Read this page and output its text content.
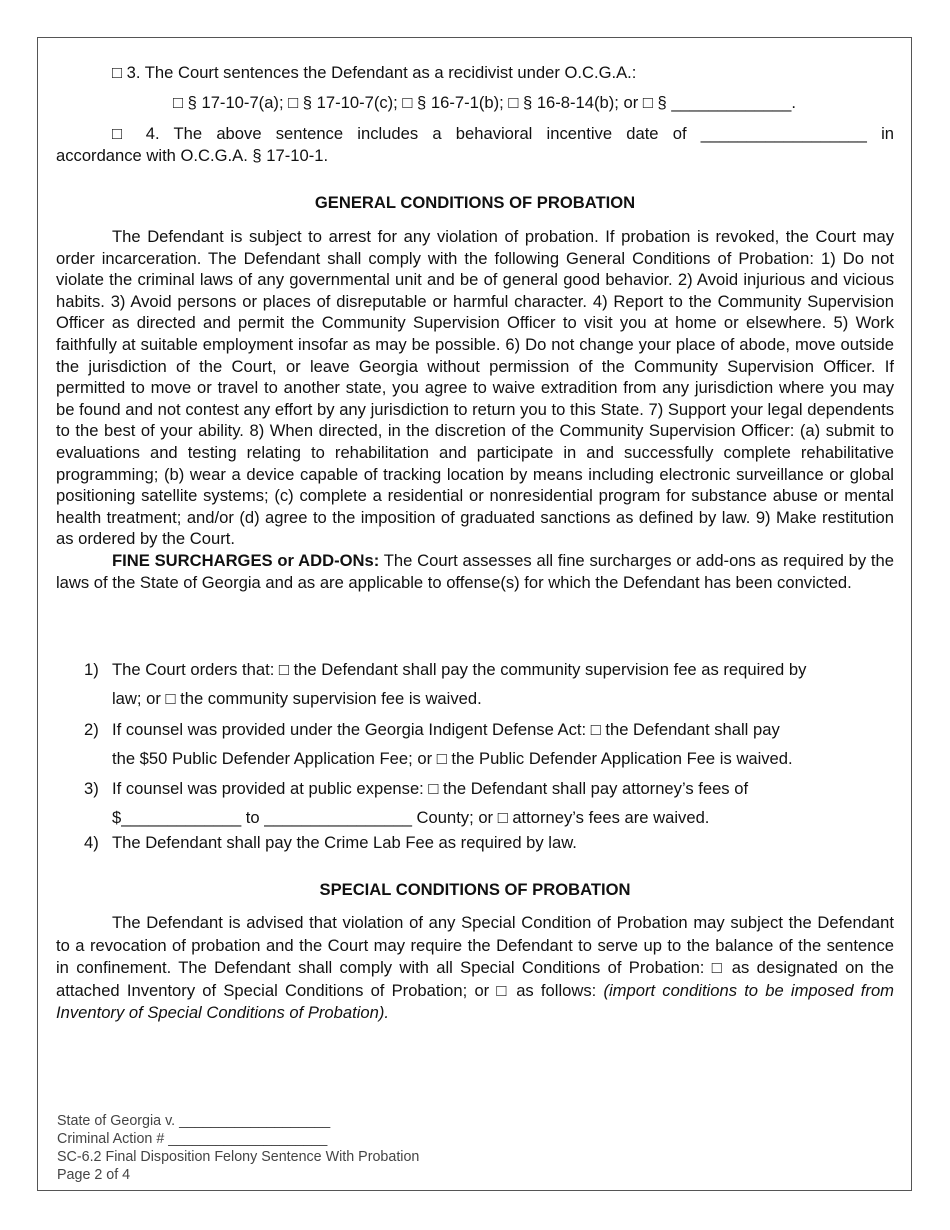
□ 3. The Court sentences the Defendant as a recidivist under O.C.G.A.:
□ § 17-10-7(a); □ § 17-10-7(c); □ § 16-7-1(b); □ § 16-8-14(b); or □ § _____________.
□ 4. The above sentence includes a behavioral incentive date of __________________ in
accordance with O.C.G.A. § 17-10-1.
GENERAL CONDITIONS OF PROBATION

The Defendant is subject to arrest for any violation of probation. If probation is revoked, the Court may order incarceration. The Defendant shall comply with the following General Conditions of Probation: 1) Do not violate the criminal laws of any governmental unit and be of general good behavior. 2) Avoid injurious and vicious habits. 3) Avoid persons or places of disreputable or harmful character. 4) Report to the Community Supervision Officer as directed and permit the Community Supervision Officer to visit you at home or elsewhere. 5) Work faithfully at suitable employment insofar as may be possible. 6) Do not change your place of abode, move outside the jurisdiction of the Court, or leave Georgia without permission of the Community Supervision Officer. If permitted to move or travel to another state, you agree to waive extradition from any jurisdiction where you may be found and not contest any effort by any jurisdiction to return you to this State. 7) Support your legal dependents to the best of your ability. 8) When directed, in the discretion of the Community Supervision Officer: (a) submit to evaluations and testing relating to rehabilitation and participate in and successfully complete rehabilitative programming; (b) wear a device capable of tracking location by means including electronic surveillance or global positioning satellite systems; (c) complete a residential or nonresidential program for substance abuse or mental health treatment; and/or (d) agree to the imposition of graduated sanctions as defined by law. 9) Make restitution as ordered by the Court.

FINE SURCHARGES or ADD-ONs: The Court assesses all fine surcharges or add-ons as required by the laws of the State of Georgia and as are applicable to offense(s) for which the Defendant has been convicted.

1) The Court orders that: □ the Defendant shall pay the community supervision fee as required by
law; or □ the community supervision fee is waived.
2) If counsel was provided under the Georgia Indigent Defense Act: □ the Defendant shall pay
the $50 Public Defender Application Fee; or □ the Public Defender Application Fee is waived.
3) If counsel was provided at public expense: □ the Defendant shall pay attorney’s fees of
$_____________ to ________________ County; or □ attorney’s fees are waived.
4) The Defendant shall pay the Crime Lab Fee as required by law.
SPECIAL CONDITIONS OF PROBATION

The Defendant is advised that violation of any Special Condition of Probation may subject the Defendant to a revocation of probation and the Court may require the Defendant to serve up to the balance of the sentence in confinement. The Defendant shall comply with all Special Conditions of Probation: □ as designated on the attached Inventory of Special Conditions of Probation; or □ as follows: (import conditions to be imposed from Inventory of Special Conditions of Probation).

State of Georgia v. ___________________
Criminal Action # ____________________
SC-6.2 Final Disposition Felony Sentence With Probation
Page 2 of 4
